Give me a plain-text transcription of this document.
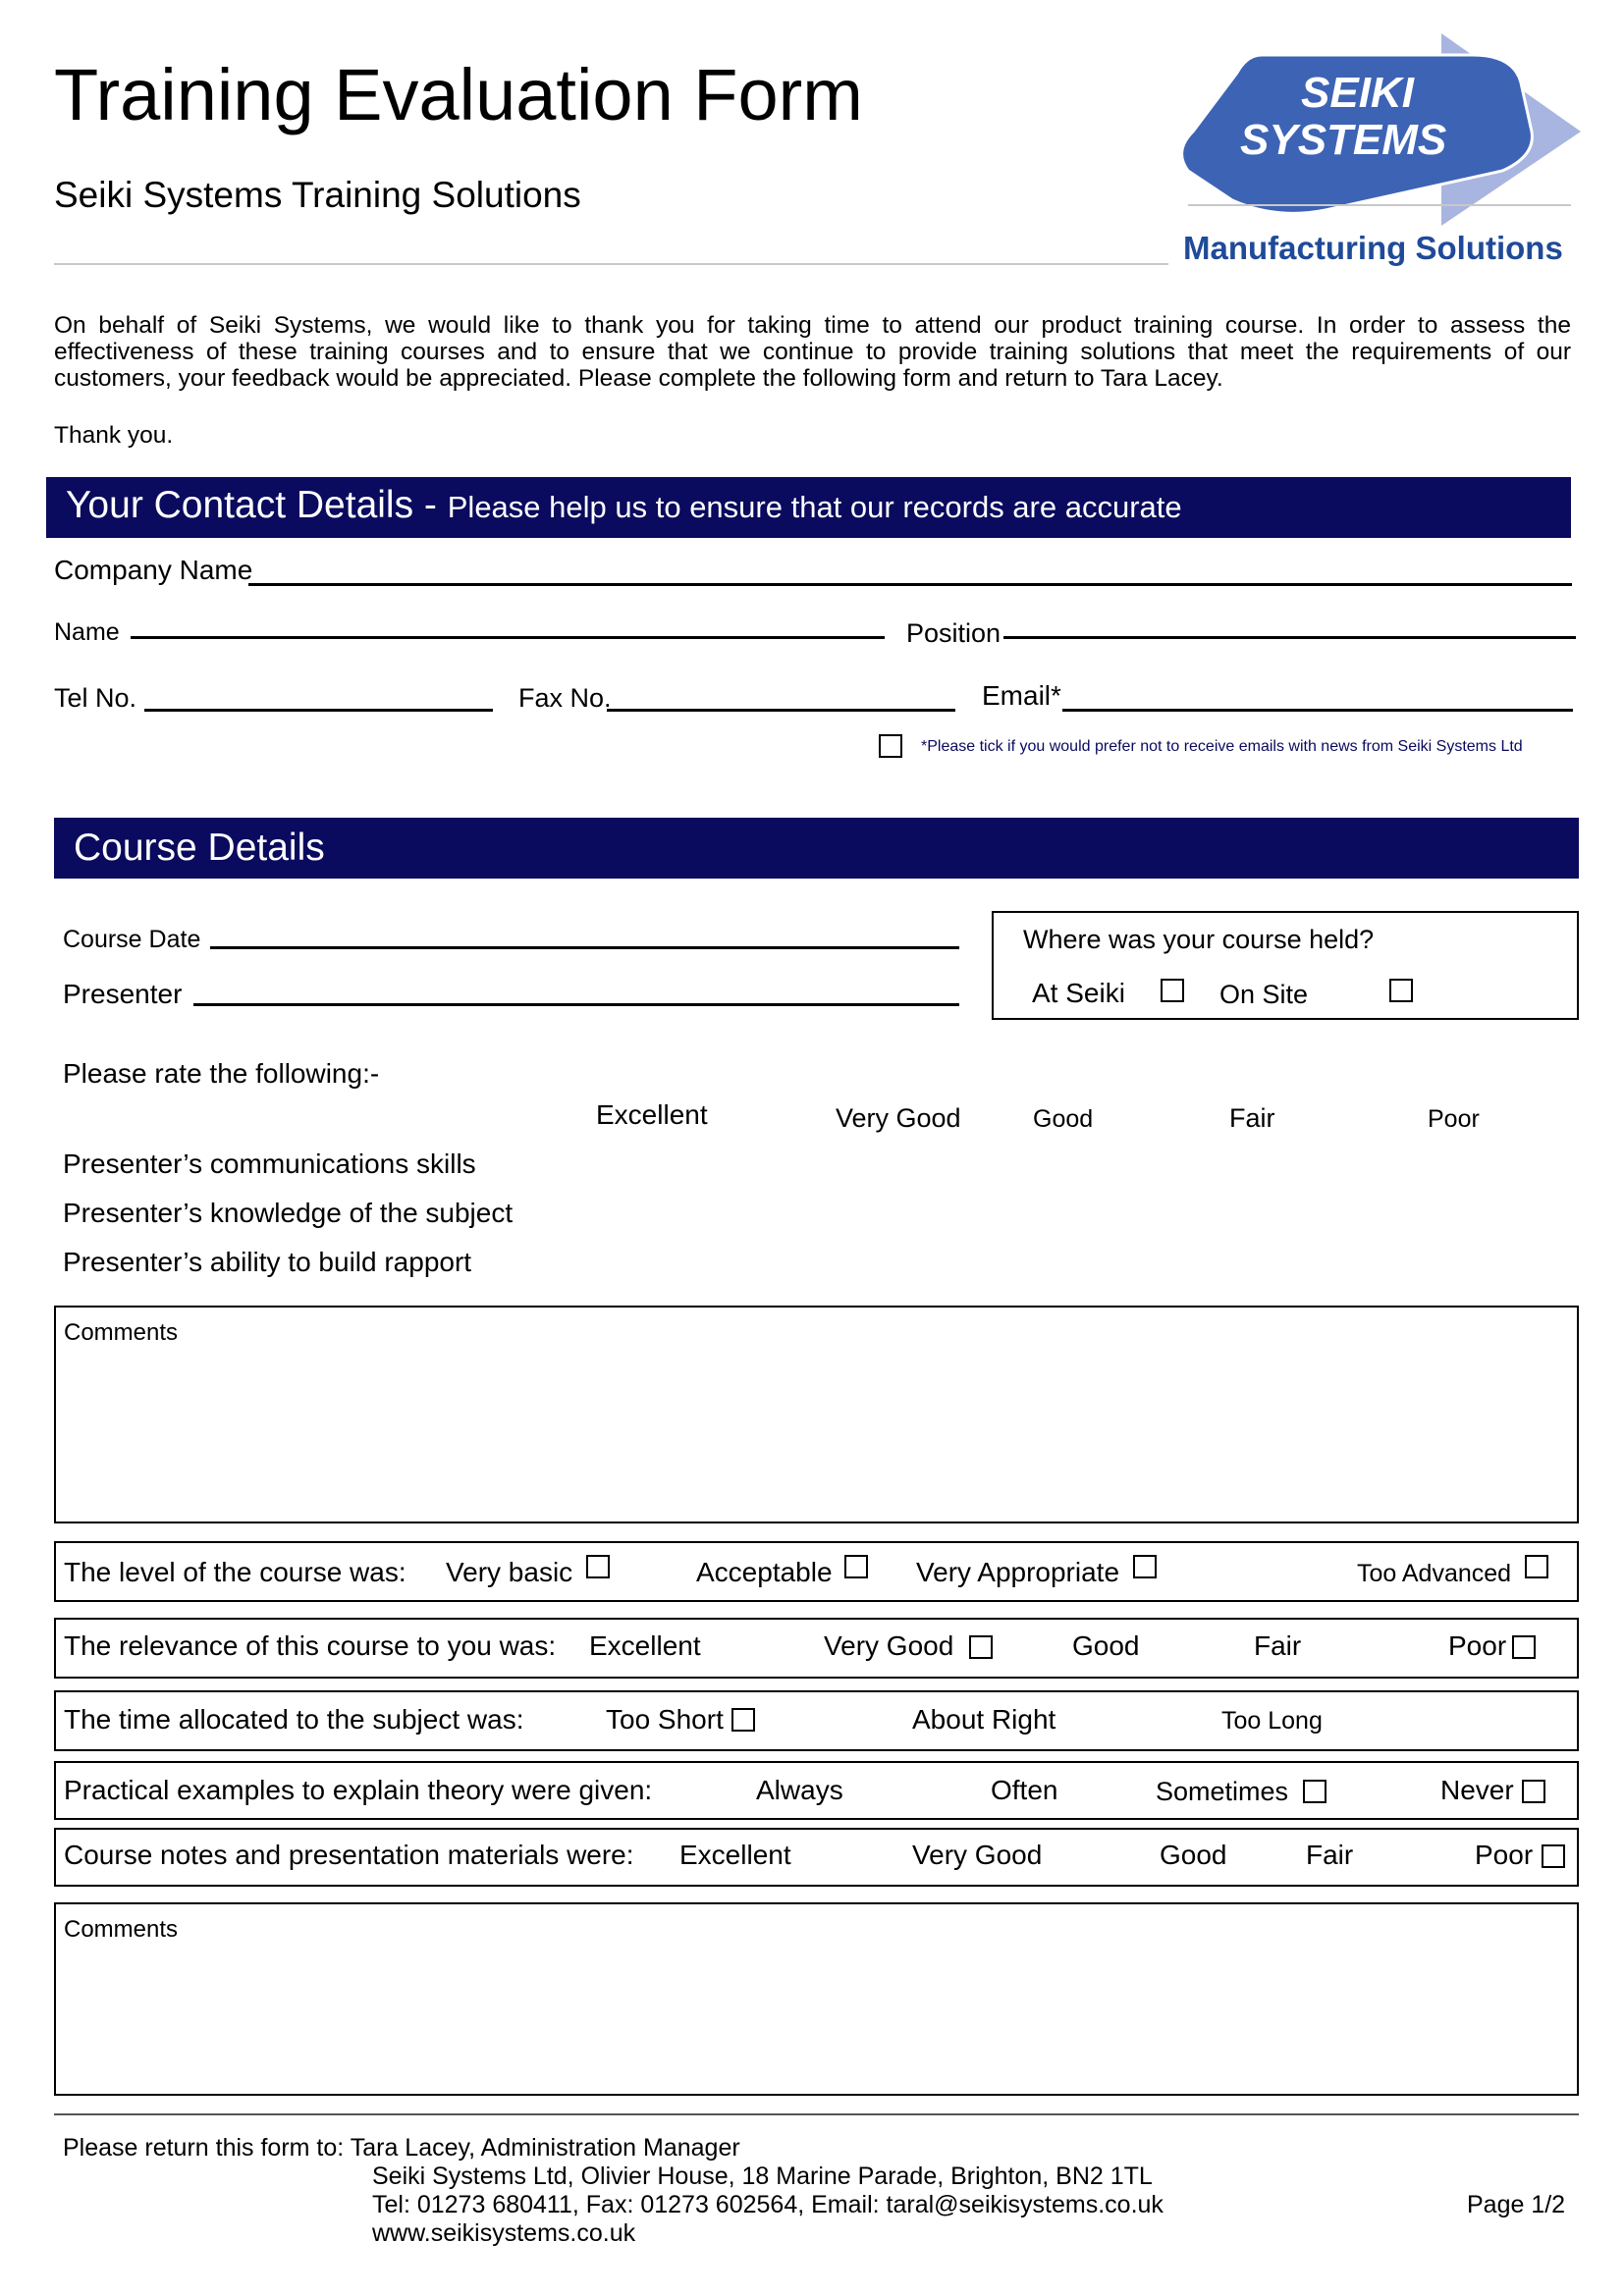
Training Evaluation Form
Seiki Systems Training Solutions
SEIKI
SYSTEMS
Manufacturing Solutions
On behalf of Seiki Systems, we would like to thank you for taking time to attend our product training course. In order to assess the effectiveness of these training courses and to ensure that we continue to provide training solutions that meet the requirements of our customers, your feedback would be appreciated. Please complete the following form and return to Tara Lacey.
Thank you.
Your Contact Details - Please help us to ensure that our records are accurate
Company Name
Name	Position
Tel No.	Fax No.	Email*
*Please tick if you would prefer not to receive emails with news from Seiki Systems Ltd
Course Details
Course Date
Presenter
Where was your course held?
At Seiki	On Site
Please rate the following:-
Excellent	Very Good	Good	Fair	Poor
Presenter’s communications skills
Presenter’s knowledge of the subject
Presenter’s ability to build rapport
Comments
The level of the course was: Very basic	Acceptable	Very Appropriate	Too Advanced
The relevance of this course to you was: Excellent	Very Good	Good	Fair	Poor
The time allocated to the subject was:	Too Short	About Right	Too Long
Practical examples to explain theory were given:	Always	Often	Sometimes	Never
Course notes and presentation materials were: Excellent	Very Good	Good	Fair	Poor
Comments
Please return this form to: Tara Lacey, Administration Manager
Seiki Systems Ltd, Olivier House, 18 Marine Parade, Brighton, BN2 1TL
Tel: 01273 680411, Fax: 01273 602564, Email: taral@seikisystems.co.uk
www.seikisystems.co.uk
Page 1/2
